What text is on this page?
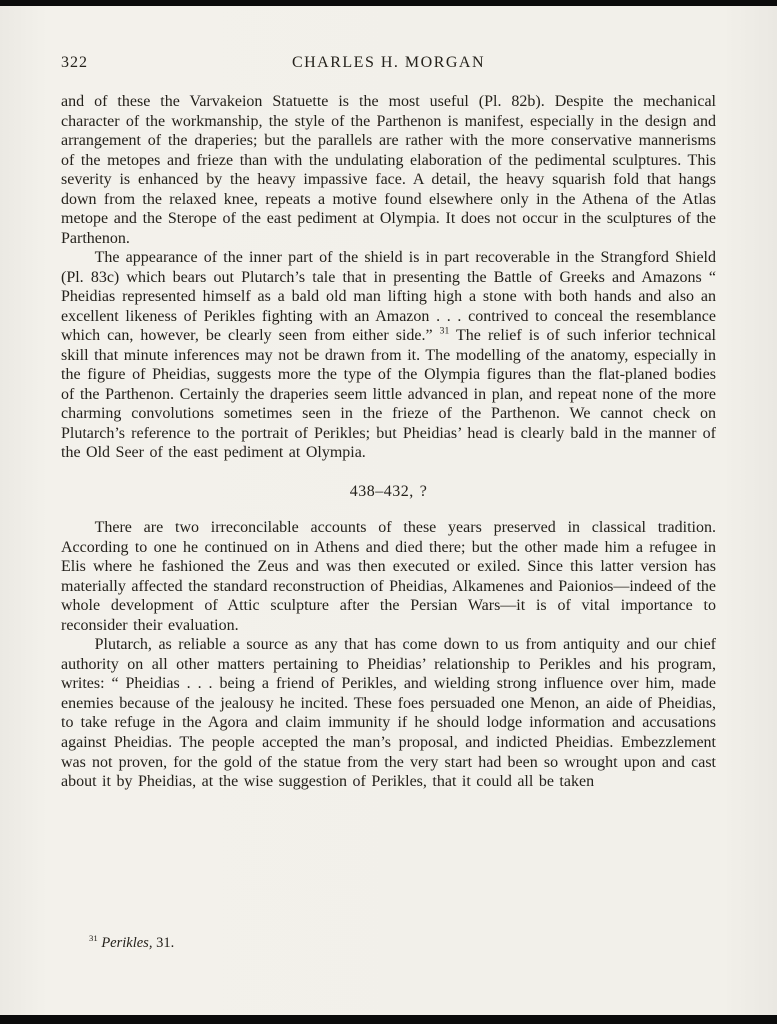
322	CHARLES H. MORGAN

and of these the Varvakeion Statuette is the most useful (Pl. 82b). Despite the mechanical character of the workmanship, the style of the Parthenon is manifest, especially in the design and arrangement of the draperies; but the parallels are rather with the more conservative mannerisms of the metopes and frieze than with the undulating elaboration of the pedimental sculptures. This severity is enhanced by the heavy impassive face. A detail, the heavy squarish fold that hangs down from the relaxed knee, repeats a motive found elsewhere only in the Athena of the Atlas metope and the Sterope of the east pediment at Olympia. It does not occur in the sculptures of the Parthenon.

The appearance of the inner part of the shield is in part recoverable in the Strangford Shield (Pl. 83c) which bears out Plutarch’s tale that in presenting the Battle of Greeks and Amazons “ Pheidias represented himself as a bald old man lifting high a stone with both hands and also an excellent likeness of Perikles fighting with an Amazon . . . contrived to conceal the resemblance which can, however, be clearly seen from either side.” $^{31}$ The relief is of such inferior technical skill that minute inferences may not be drawn from it. The modelling of the anatomy, especially in the figure of Pheidias, suggests more the type of the Olympia figures than the flat-planed bodies of the Parthenon. Certainly the draperies seem little advanced in plan, and repeat none of the more charming convolutions sometimes seen in the frieze of the Parthenon. We cannot check on Plutarch’s reference to the portrait of Perikles; but Pheidias’ head is clearly bald in the manner of the Old Seer of the east pediment at Olympia.

438–432, ?

There are two irreconcilable accounts of these years preserved in classical tradition. According to one he continued on in Athens and died there; but the other made him a refugee in Elis where he fashioned the Zeus and was then executed or exiled. Since this latter version has materially affected the standard reconstruction of Pheidias, Alkamenes and Paionios—indeed of the whole development of Attic sculpture after the Persian Wars—it is of vital importance to reconsider their evaluation.

Plutarch, as reliable a source as any that has come down to us from antiquity and our chief authority on all other matters pertaining to Pheidias’ relationship to Perikles and his program, writes: “ Pheidias . . . being a friend of Perikles, and wielding strong influence over him, made enemies because of the jealousy he incited. These foes persuaded one Menon, an aide of Pheidias, to take refuge in the Agora and claim immunity if he should lodge information and accusations against Pheidias. The people accepted the man’s proposal, and indicted Pheidias. Embezzlement was not proven, for the gold of the statue from the very start had been so wrought upon and cast about it by Pheidias, at the wise suggestion of Perikles, that it could all be taken

$^{31}$ Perikles, 31.
